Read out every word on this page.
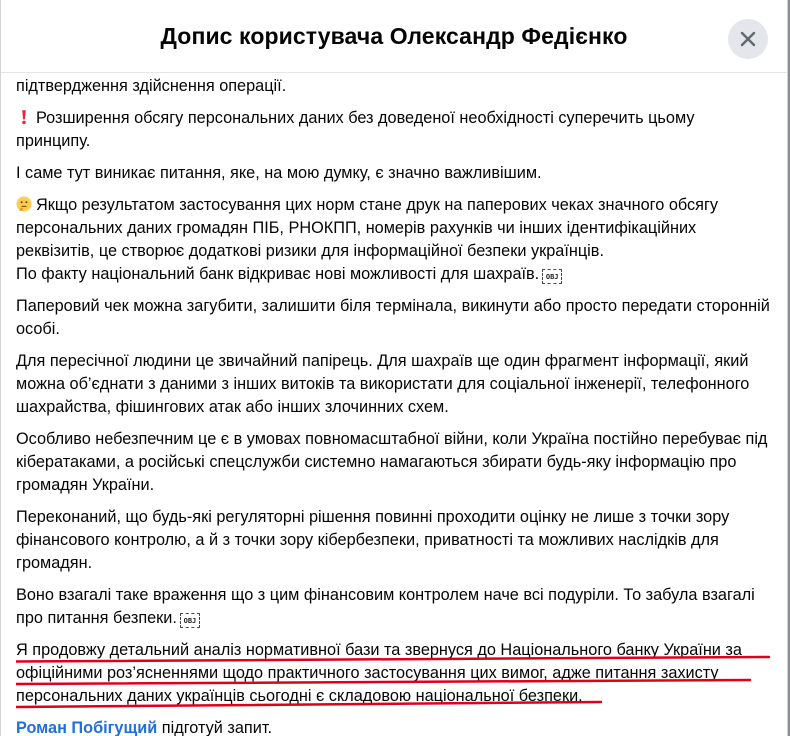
Допис користувача Олександр Федієнко

підтвердження здійснення операції.

Розширення обсягу персональних даних без доведеної необхідності суперечить цьому принципу.

І саме тут виникає питання, яке, на мою думку, є значно важливішим.

Якщо результатом застосування цих норм стане друк на паперових чеках значного обсягу персональних даних громадян ПІБ, РНОКПП, номерів рахунків чи інших ідентифікаційних реквізитів, це створює додаткові ризики для інформаційної безпеки українців.
По факту національний банк відкриває нові можливості для шахраїв. OBJ

Паперовий чек можна загубити, залишити біля термінала, викинути або просто передати сторонній особі.

Для пересічної людини це звичайний папірець. Для шахраїв ще один фрагмент інформації, який можна об’єднати з даними з інших витоків та використати для соціальної інженерії, телефонного шахрайства, фішингових атак або інших злочинних схем.

Особливо небезпечним це є в умовах повномасштабної війни, коли Україна постійно перебуває під кібератаками, а російські спецслужби системно намагаються збирати будь-яку інформацію про громадян України.

Переконаний, що будь-які регуляторні рішення повинні проходити оцінку не лише з точки зору фінансового контролю, а й з точки зору кібербезпеки, приватності та можливих наслідків для громадян.

Воно взагалі таке враження що з цим фінансовим контролем наче всі подуріли. То забула взагалі про питання безпеки. OBJ

Я продовжу детальний аналіз нормативної бази та звернуся до Національного банку України за офіційними роз’ясненнями щодо практичного застосування цих вимог, адже питання захисту персональних даних українців сьогодні є складовою національної безпеки.

Роман Побігущий підготуй запит.
